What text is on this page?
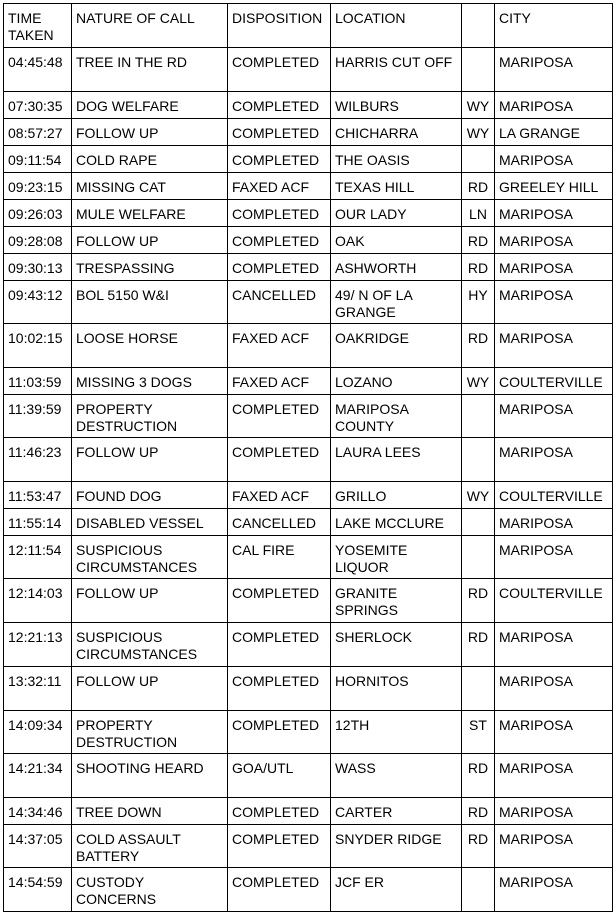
TIME TAKEN	NATURE OF CALL	DISPOSITION	LOCATION		CITY
04:45:48	TREE IN THE RD	COMPLETED	HARRIS CUT OFF		MARIPOSA
07:30:35	DOG WELFARE	COMPLETED	WILBURS	WY	MARIPOSA
08:57:27	FOLLOW UP	COMPLETED	CHICHARRA	WY	LA GRANGE
09:11:54	COLD RAPE	COMPLETED	THE OASIS		MARIPOSA
09:23:15	MISSING CAT	FAXED ACF	TEXAS HILL	RD	GREELEY HILL
09:26:03	MULE WELFARE	COMPLETED	OUR LADY	LN	MARIPOSA
09:28:08	FOLLOW UP	COMPLETED	OAK	RD	MARIPOSA
09:30:13	TRESPASSING	COMPLETED	ASHWORTH	RD	MARIPOSA
09:43:12	BOL 5150 W&I	CANCELLED	49/ N OF LA GRANGE	HY	MARIPOSA
10:02:15	LOOSE HORSE	FAXED ACF	OAKRIDGE	RD	MARIPOSA
11:03:59	MISSING 3 DOGS	FAXED ACF	LOZANO	WY	COULTERVILLE
11:39:59	PROPERTY DESTRUCTION	COMPLETED	MARIPOSA COUNTY		MARIPOSA
11:46:23	FOLLOW UP	COMPLETED	LAURA LEES		MARIPOSA
11:53:47	FOUND DOG	FAXED ACF	GRILLO	WY	COULTERVILLE
11:55:14	DISABLED VESSEL	CANCELLED	LAKE MCCLURE		MARIPOSA
12:11:54	SUSPICIOUS CIRCUMSTANCES	CAL FIRE	YOSEMITE LIQUOR		MARIPOSA
12:14:03	FOLLOW UP	COMPLETED	GRANITE SPRINGS	RD	COULTERVILLE
12:21:13	SUSPICIOUS CIRCUMSTANCES	COMPLETED	SHERLOCK	RD	MARIPOSA
13:32:11	FOLLOW UP	COMPLETED	HORNITOS		MARIPOSA
14:09:34	PROPERTY DESTRUCTION	COMPLETED	12TH	ST	MARIPOSA
14:21:34	SHOOTING HEARD	GOA/UTL	WASS	RD	MARIPOSA
14:34:46	TREE DOWN	COMPLETED	CARTER	RD	MARIPOSA
14:37:05	COLD ASSAULT BATTERY	COMPLETED	SNYDER RIDGE	RD	MARIPOSA
14:54:59	CUSTODY CONCERNS	COMPLETED	JCF ER		MARIPOSA
